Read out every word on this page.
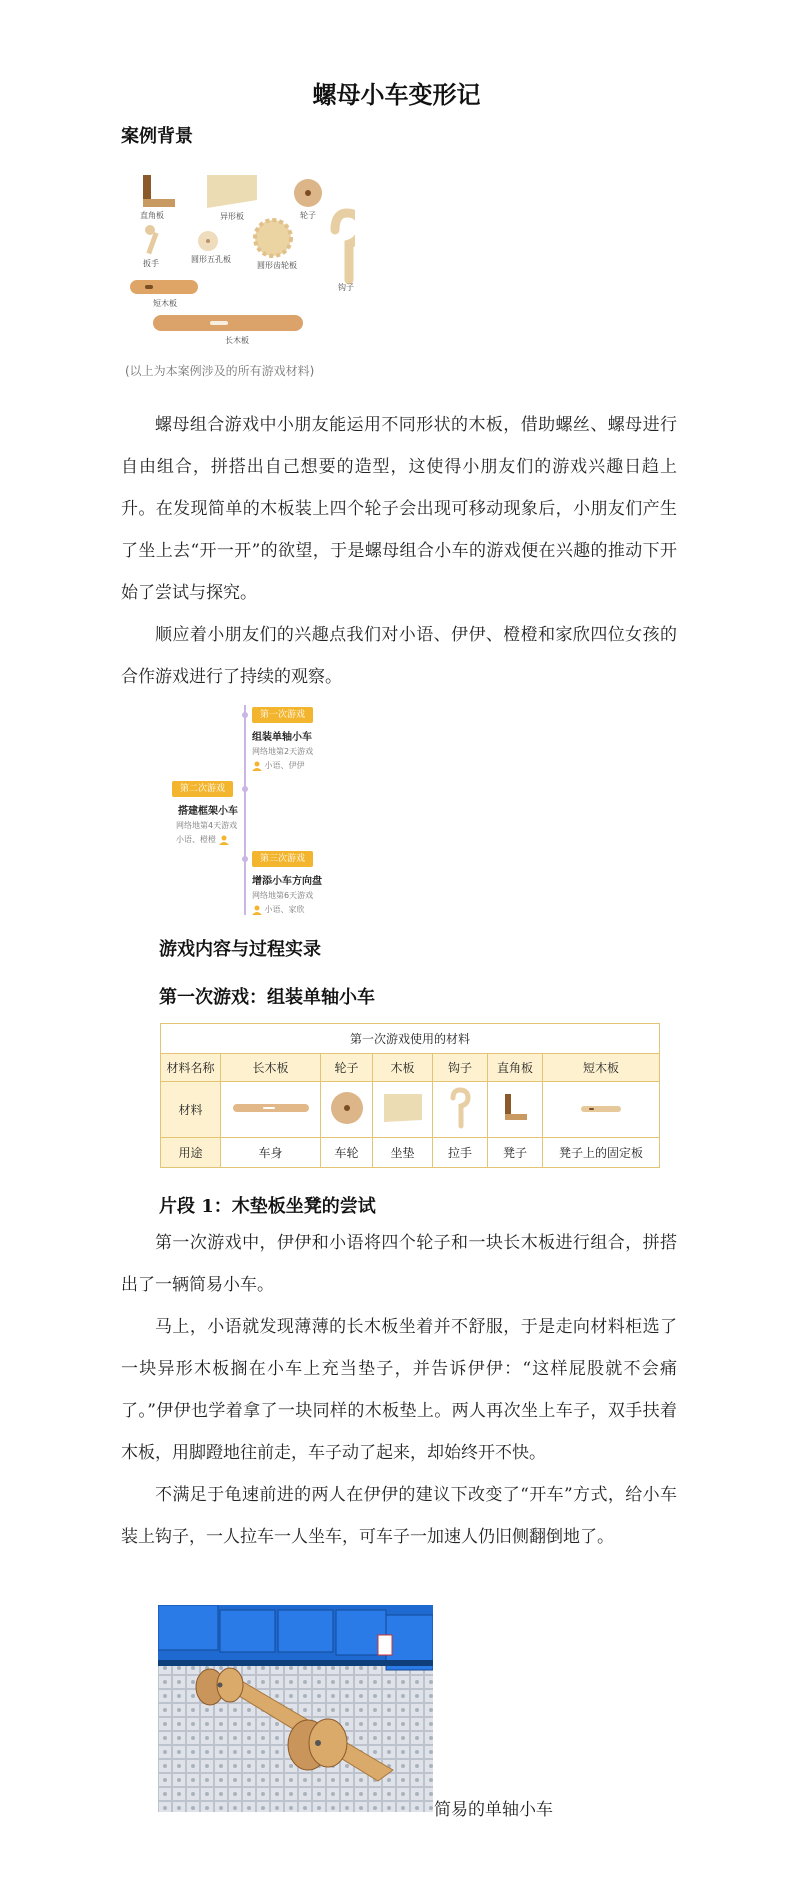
螺母小车变形记
案例背景
直角板	异形板	轮子
扳手	圆形五孔板
圆形齿轮板
钩子
短木板
长木板
(以上为本案例涉及的所有游戏材料)

螺母组合游戏中小朋友能运用不同形状的木板，借助螺丝、螺母进行自由组合，拼搭出自己想要的造型，这使得小朋友们的游戏兴趣日趋上升。在发现简单的木板装上四个轮子会出现可移动现象后，小朋友们产生了坐上去“开一开”的欲望，于是螺母组合小车的游戏便在兴趣的推动下开始了尝试与探究。

顺应着小朋友们的兴趣点我们对小语、伊伊、橙橙和家欣四位女孩的合作游戏进行了持续的观察。

第一次游戏
组装单轴小车
网络地第2天游戏
小语、伊伊
第二次游戏
搭建框架小车
网络地第4天游戏
小语、橙橙
第三次游戏
增添小车方向盘
网络地第6天游戏
小语、家欣
游戏内容与过程实录
第一次游戏：组装单轴小车
第一次游戏使用的材料						
材料名称	长木板	轮子	木板	钩子	直角板	短木板
材料						
用途	车身	车轮	坐垫	拉手	凳子	凳子上的固定板
片段 1：木垫板坐凳的尝试

第一次游戏中，伊伊和小语将四个轮子和一块长木板进行组合，拼搭出了一辆简易小车。

马上，小语就发现薄薄的长木板坐着并不舒服，于是走向材料柜选了一块异形木板搁在小车上充当垫子，并告诉伊伊：“这样屁股就不会痛了。”伊伊也学着拿了一块同样的木板垫上。两人再次坐上车子，双手扶着木板，用脚蹬地往前走，车子动了起来，却始终开不快。

不满足于龟速前进的两人在伊伊的建议下改变了“开车”方式，给小车装上钩子，一人拉车一人坐车，可车子一加速人仍旧侧翻倒地了。

简易的单轴小车
